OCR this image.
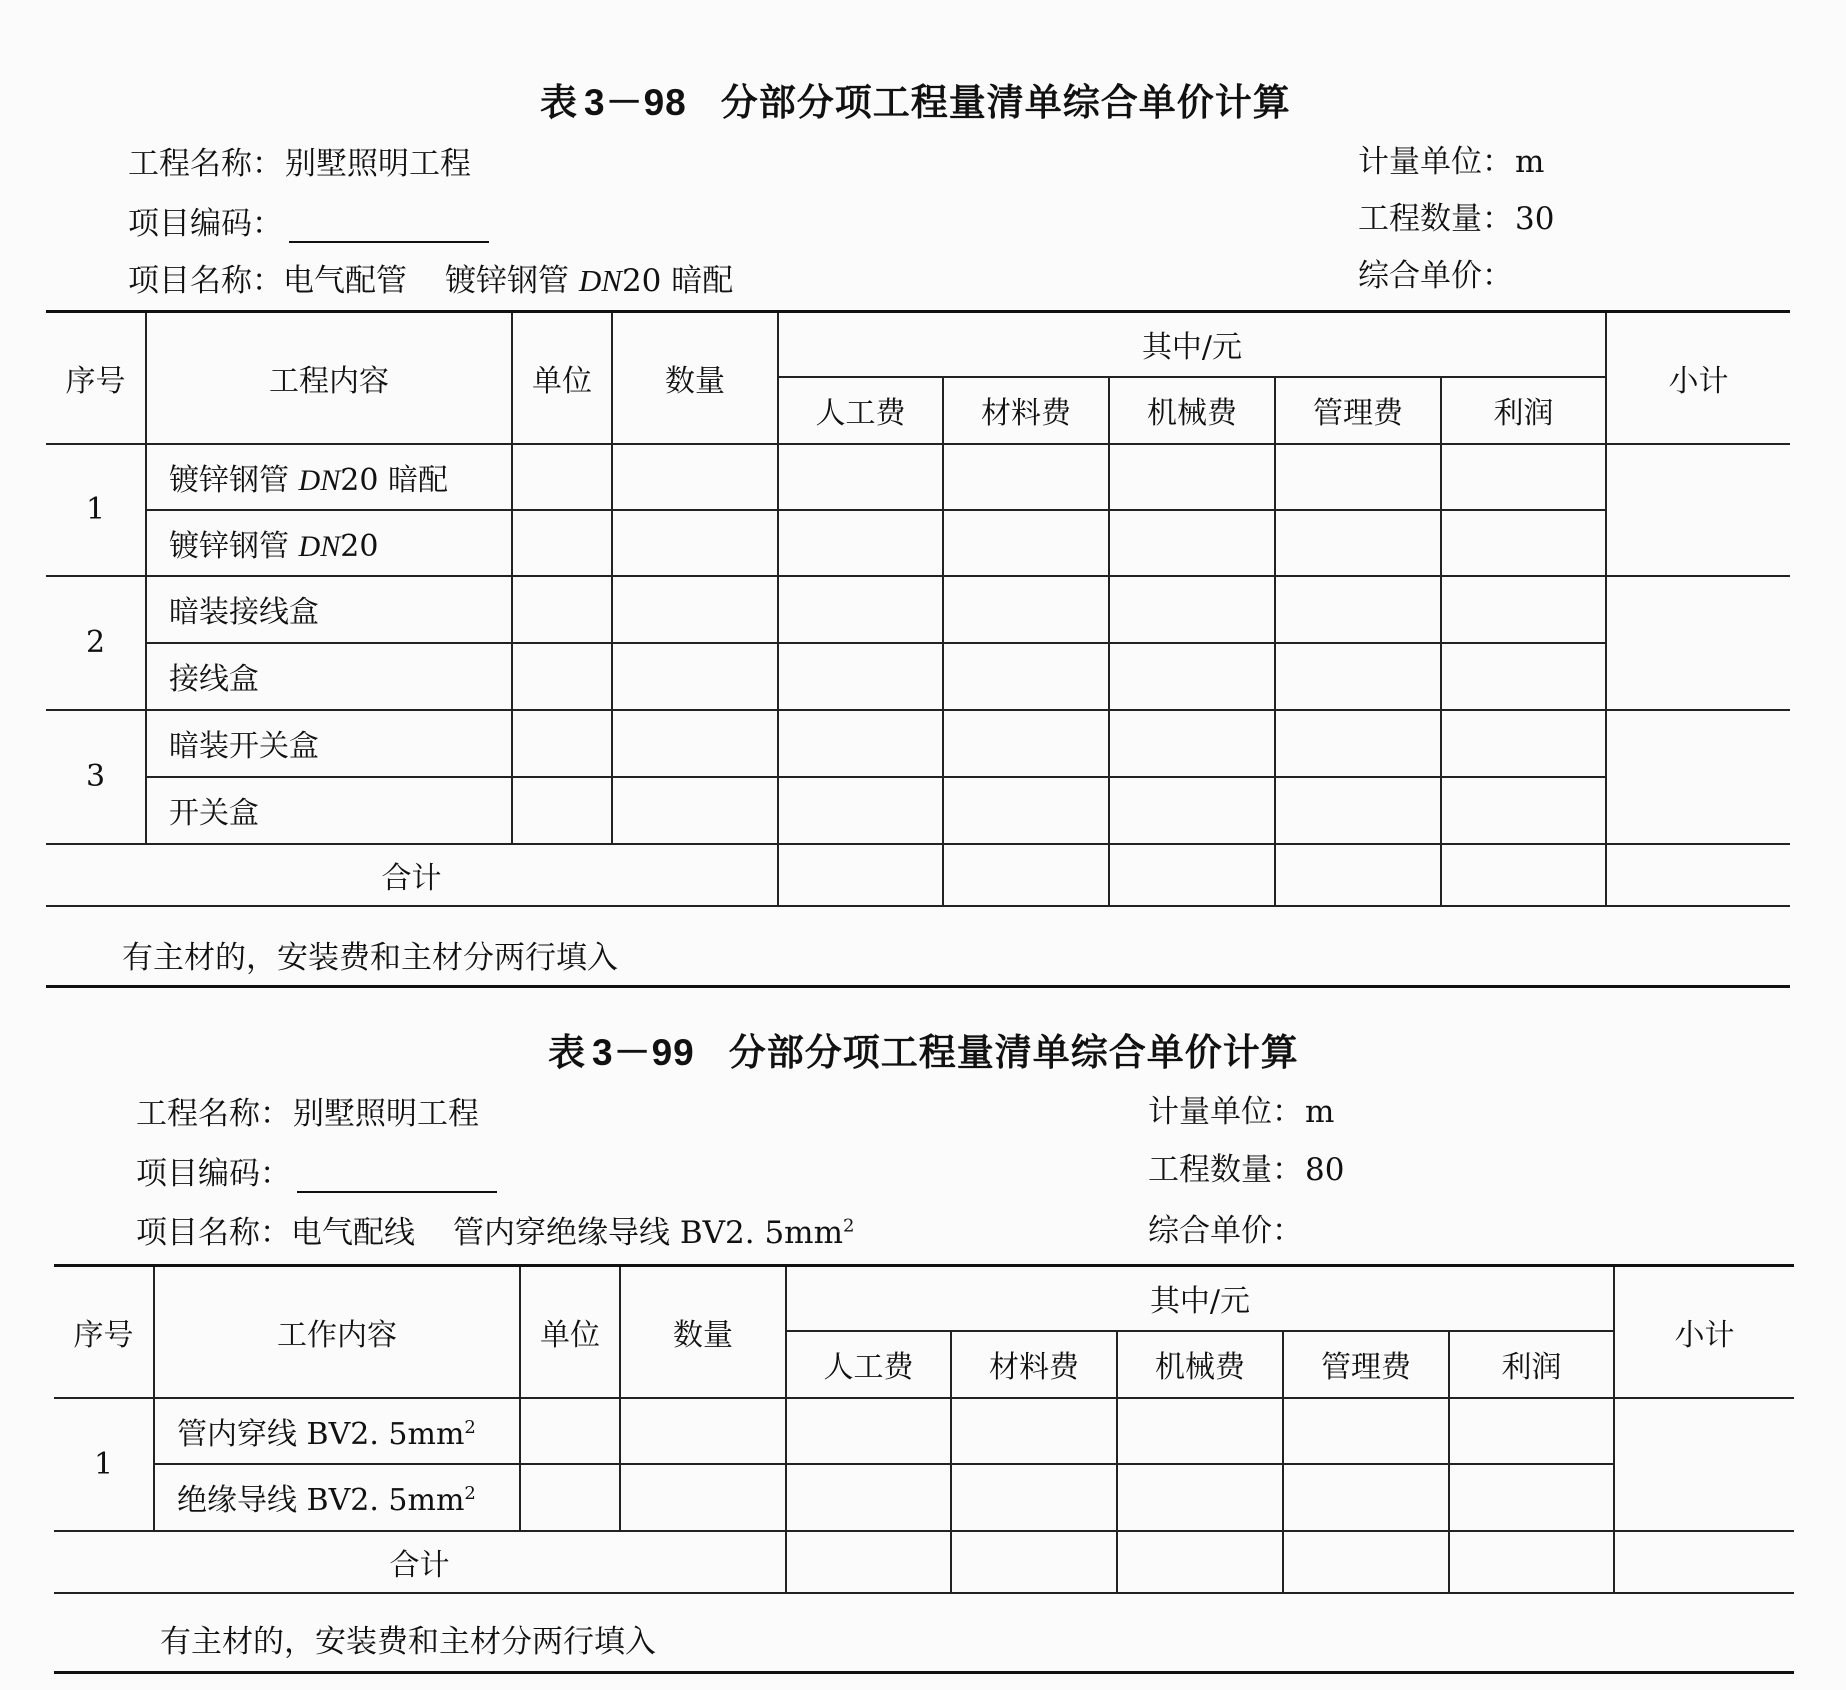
表 3－98 分部分项工程量清单综合单价计算
工程名称：别墅照明工程
项目编码：
项目名称：电气配管 镀锌钢管 DN20 暗配
计量单位：m
工程数量：30
综合单价：
序号	工程内容	单位	数量	其中/元					小计
				人工费	材料费	机械费	管理费	利润	
1	镀锌钢管 DN20 暗配								
	镀锌钢管 DN20								
2	暗装接线盒								
	接线盒								
3	暗装开关盒								
	开关盒								
合计									
有主材的，安装费和主材分两行填入
表 3－99 分部分项工程量清单综合单价计算
工程名称：别墅照明工程
项目编码：
项目名称：电气配线 管内穿绝缘导线 BV2. $5mm^2$
计量单位：m
工程数量：80
综合单价：
序号	工作内容	单位	数量	其中/元					小计
				人工费	材料费	机械费	管理费	利润	
1	管内穿线 BV2. $5mm^2$								
	绝缘导线 BV2. $5mm^2$							
合计									
有主材的，安装费和主材分两行填入
